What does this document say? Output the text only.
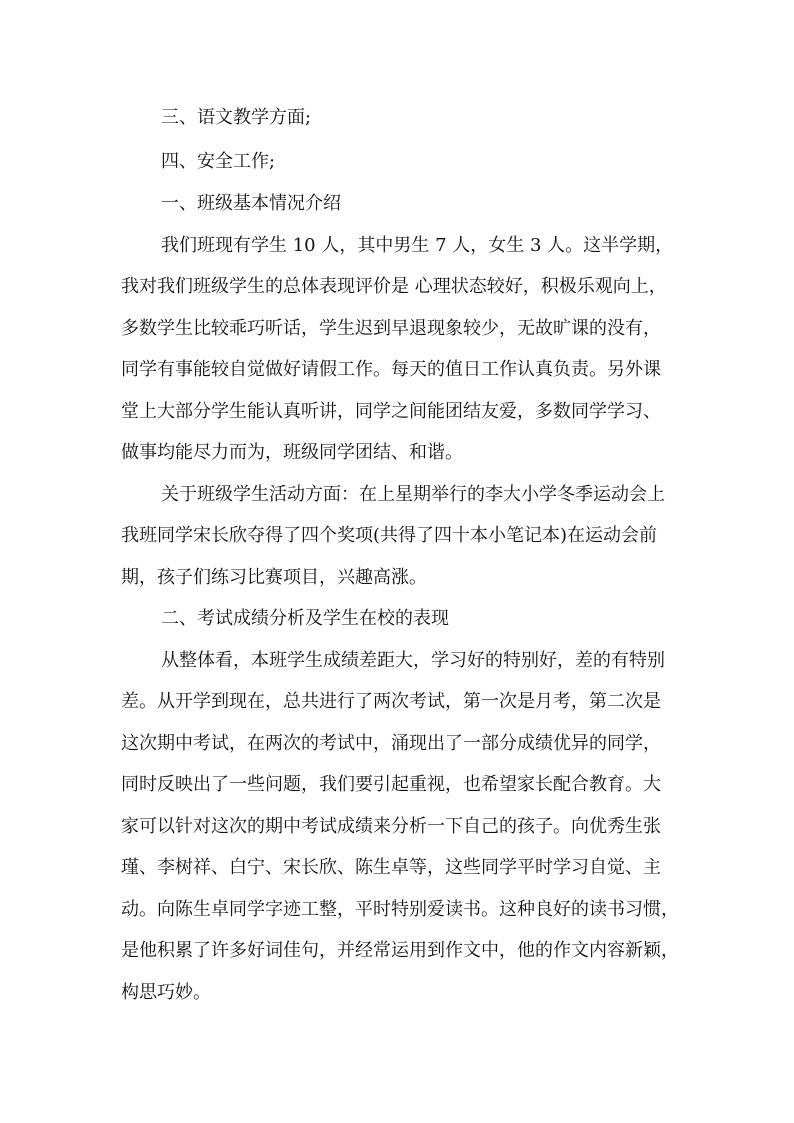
三、语文教学方面;
四、安全工作;
一、班级基本情况介绍
我们班现有学生 10 人，其中男生 7 人，女生 3 人。这半学期，
我对我们班级学生的总体表现评价是 心理状态较好，积极乐观向上，
多数学生比较乖巧听话，学生迟到早退现象较少，无故旷课的没有，
同学有事能较自觉做好请假工作。每天的值日工作认真负责。另外课
堂上大部分学生能认真听讲，同学之间能团结友爱，多数同学学习、
做事均能尽力而为，班级同学团结、和谐。
关于班级学生活动方面：在上星期举行的李大小学冬季运动会上
我班同学宋长欣夺得了四个奖项(共得了四十本小笔记本)在运动会前
期，孩子们练习比赛项目，兴趣高涨。
二、考试成绩分析及学生在校的表现
从整体看，本班学生成绩差距大，学习好的特别好，差的有特别
差。从开学到现在，总共进行了两次考试，第一次是月考，第二次是
这次期中考试，在两次的考试中，涌现出了一部分成绩优异的同学，
同时反映出了一些问题，我们要引起重视，也希望家长配合教育。大
家可以针对这次的期中考试成绩来分析一下自己的孩子。向优秀生张
瑾、李树祥、白宁、宋长欣、陈生卓等，这些同学平时学习自觉、主
动。向陈生卓同学字迹工整，平时特别爱读书。这种良好的读书习惯，
是他积累了许多好词佳句，并经常运用到作文中，他的作文内容新颖，
构思巧妙。
